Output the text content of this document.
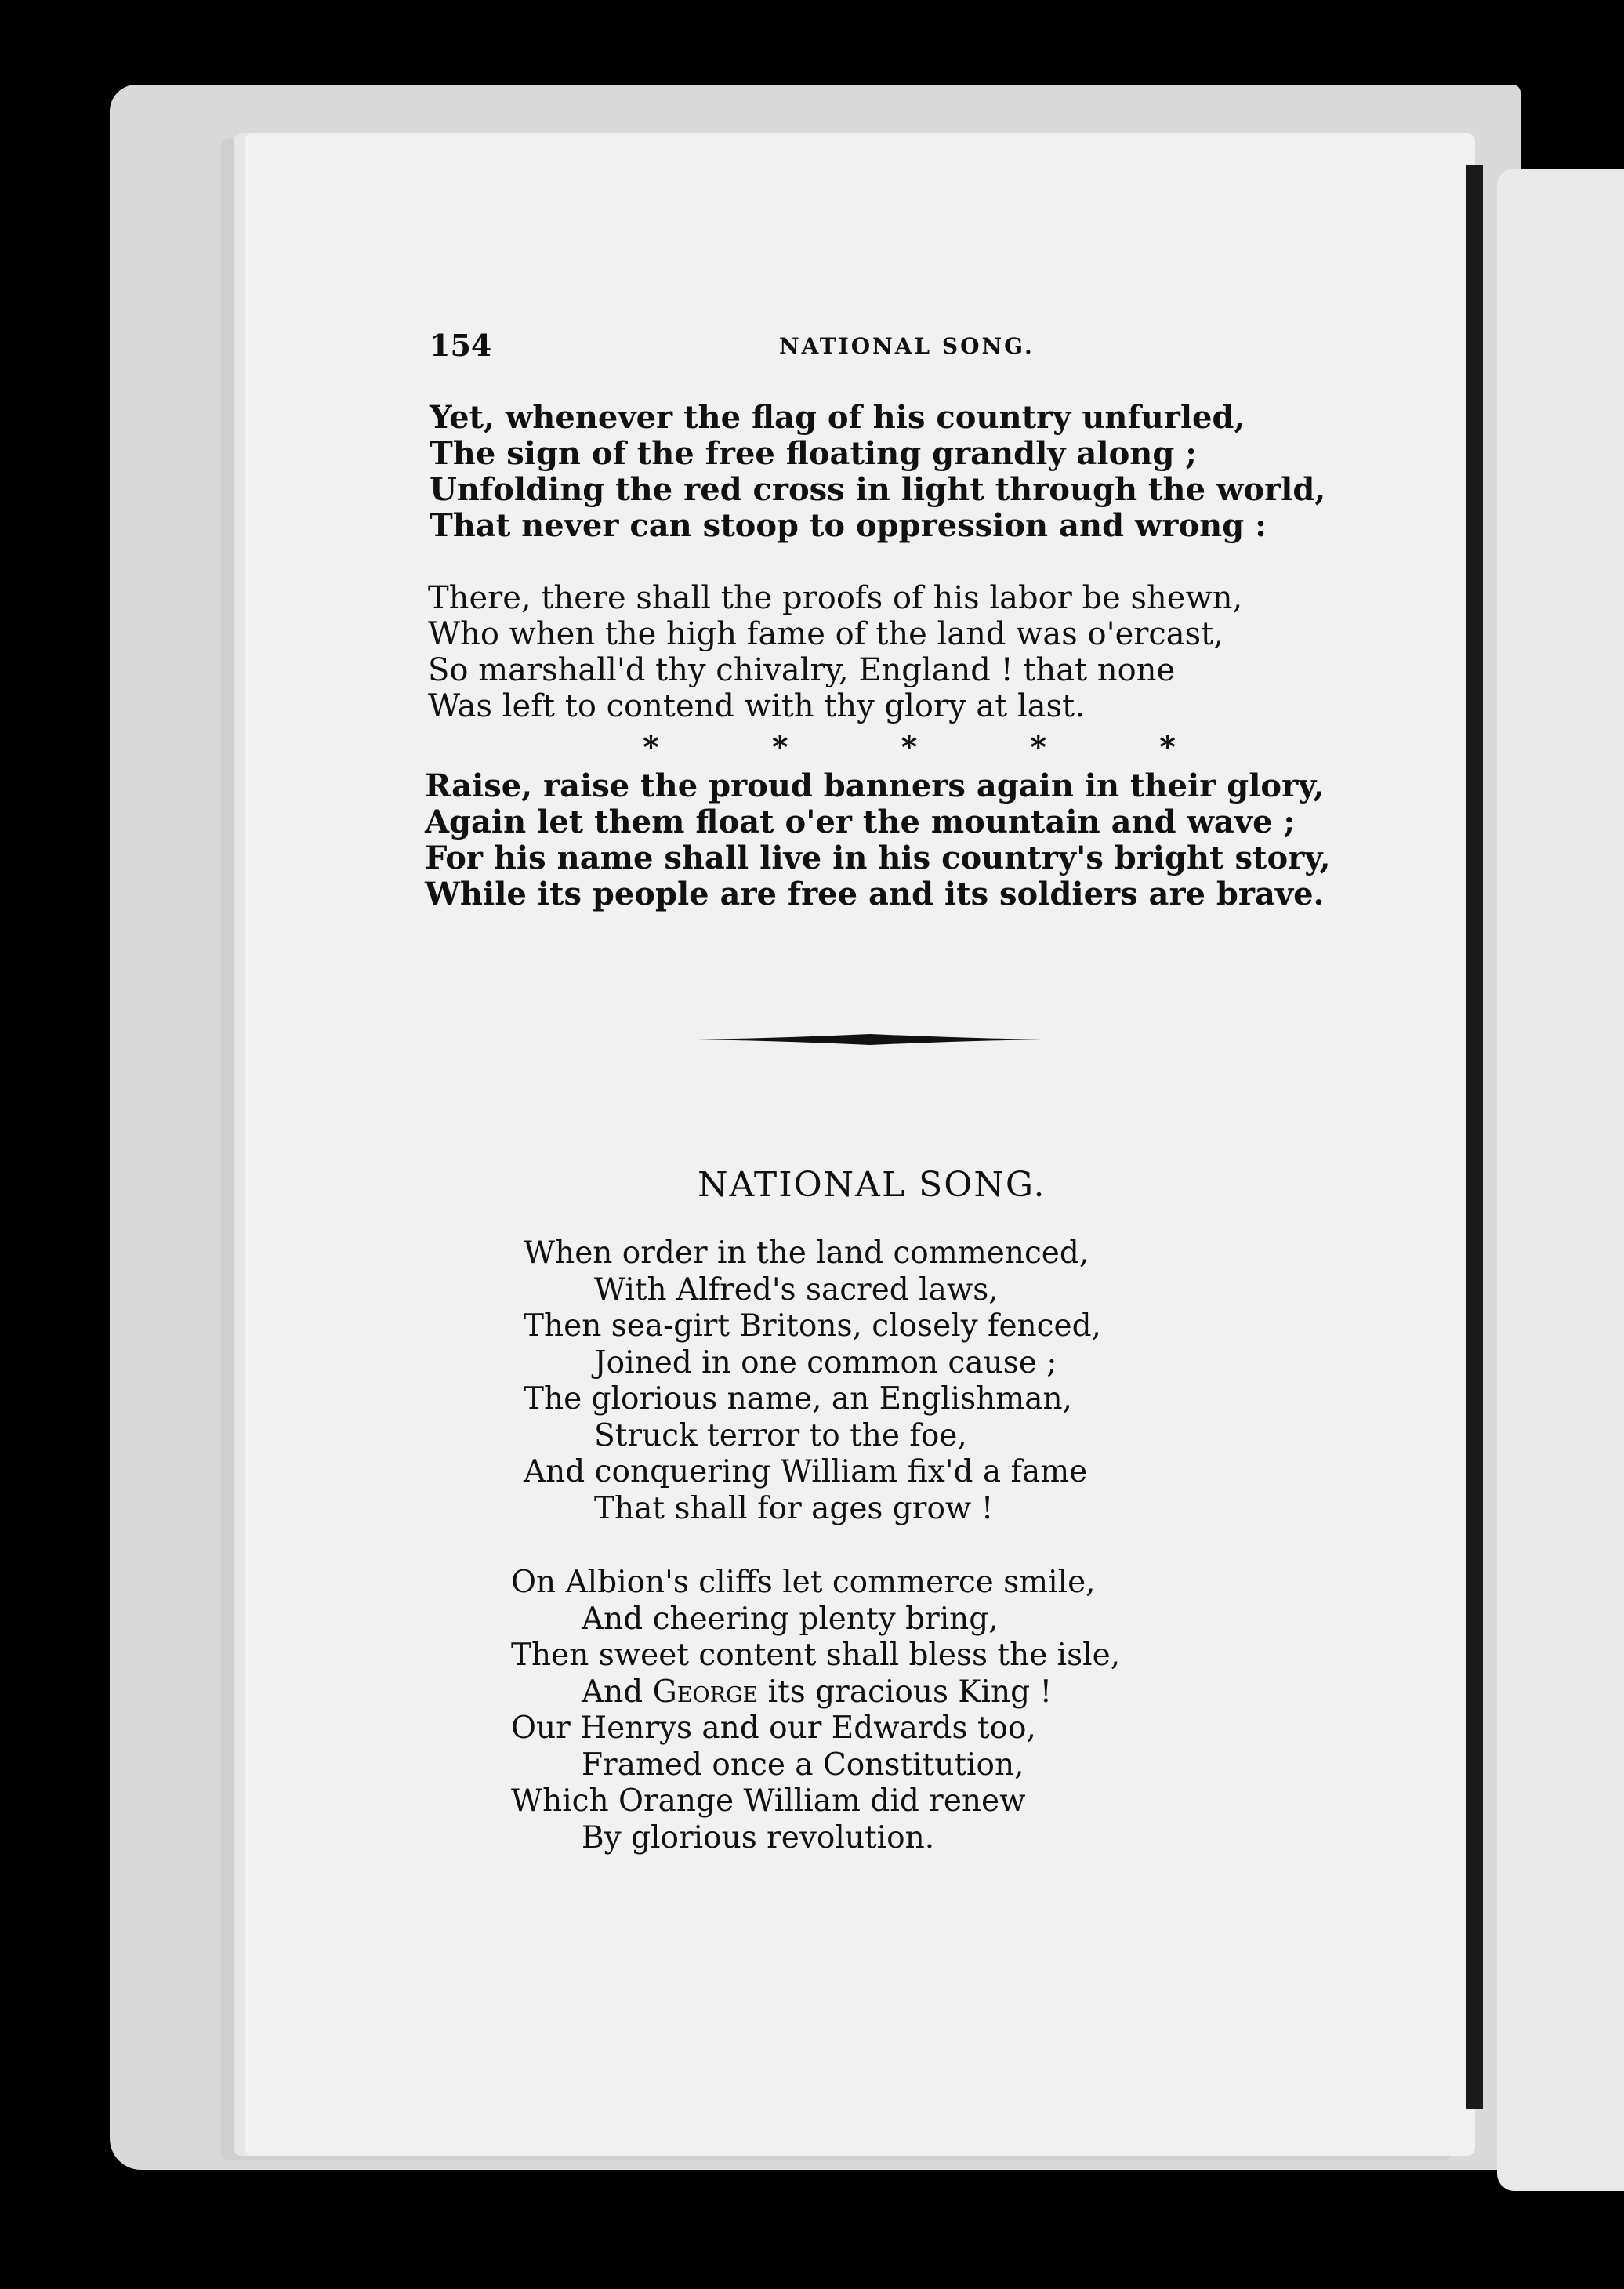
154	NATIONAL SONG.
Yet, whenever the flag of his country unfurled,
The sign of the free floating grandly along ;
Unfolding the red cross in light through the world,
That never can stoop to oppression and wrong :
There, there shall the proofs of his labor be shewn,
Who when the high fame of the land was o'ercast,
So marshall'd thy chivalry, England ! that none
Was left to contend with thy glory at last.
*	*	*	*	*
Raise, raise the proud banners again in their glory,
Again let them float o'er the mountain and wave ;
For his name shall live in his country's bright story,
While its people are free and its soldiers are brave.
NATIONAL SONG.
When order in the land commenced,
With Alfred's sacred laws,
Then sea-girt Britons, closely fenced,
Joined in one common cause ;
The glorious name, an Englishman,
Struck terror to the foe,
And conquering William fix'd a fame
That shall for ages grow !
On Albion's cliffs let commerce smile,
And cheering plenty bring,
Then sweet content shall bless the isle,
And George its gracious King !
Our Henrys and our Edwards too,
Framed once a Constitution,
Which Orange William did renew
By glorious revolution.
